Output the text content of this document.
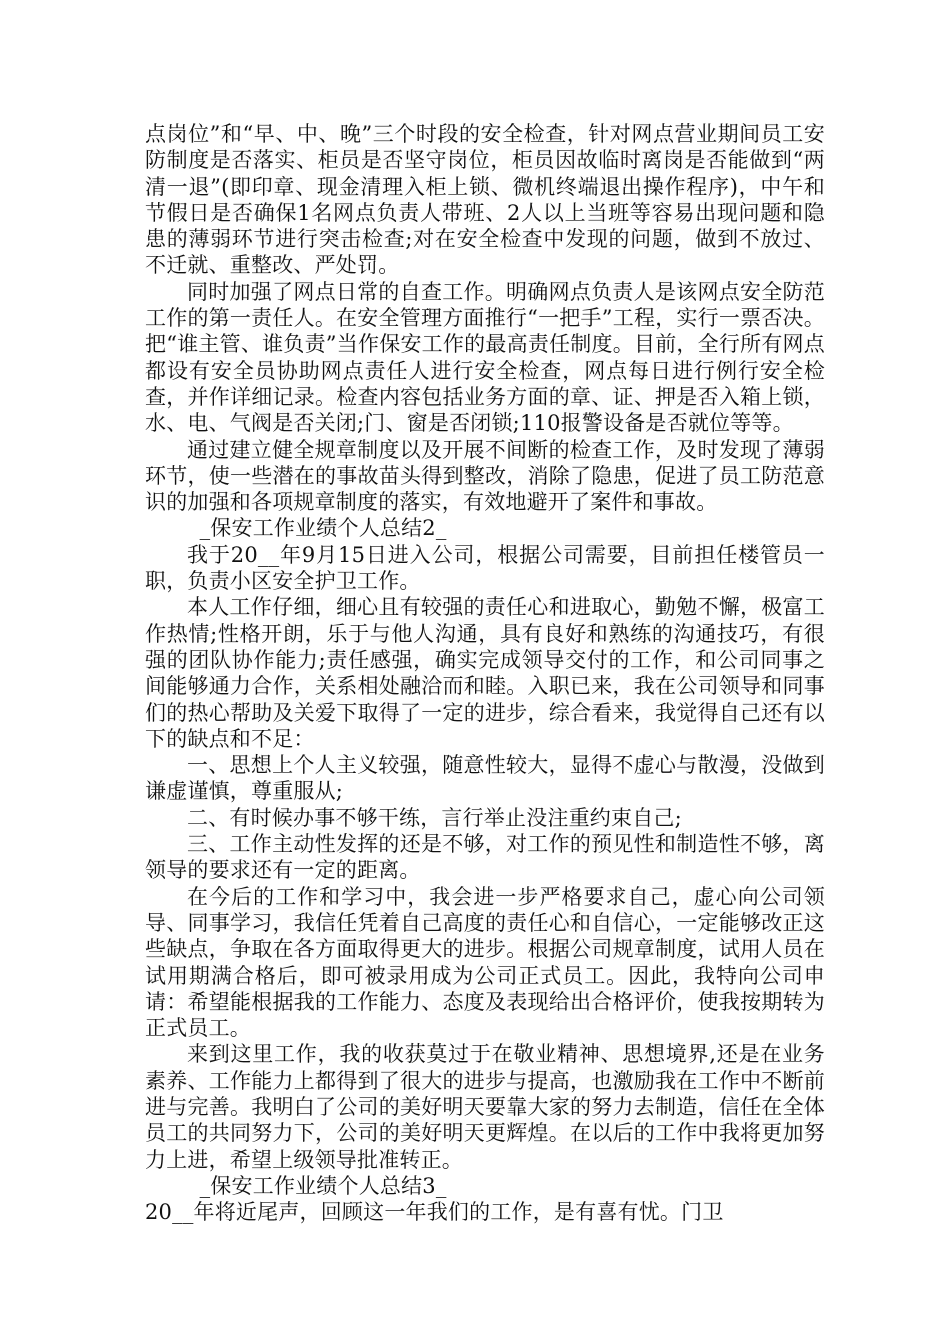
点岗位”和“早、中、晚”三个时段的安全检查，针对网点营业期间员工安防制度是否落实、柜员是否坚守岗位，柜员因故临时离岗是否能做到“两清一退”(即印章、现金清理入柜上锁、微机终端退出操作程序)，中午和节假日是否确保1名网点负责人带班、2人以上当班等容易出现问题和隐患的薄弱环节进行突击检查;对在安全检查中发现的问题，做到不放过、不迁就、重整改、严处罚。

同时加强了网点日常的自查工作。明确网点负责人是该网点安全防范工作的第一责任人。在安全管理方面推行“一把手”工程，实行一票否决。把“谁主管、谁负责”当作保安工作的最高责任制度。目前，全行所有网点都设有安全员协助网点责任人进行安全检查，网点每日进行例行安全检查，并作详细记录。检查内容包括业务方面的章、证、押是否入箱上锁，水、电、气阀是否关闭;门、窗是否闭锁;110报警设备是否就位等等。

通过建立健全规章制度以及开展不间断的检查工作，及时发现了薄弱环节，使一些潜在的事故苗头得到整改，消除了隐患，促进了员工防范意识的加强和各项规章制度的落实，有效地避开了案件和事故。

_保安工作业绩个人总结2_

我于20__年9月15日进入公司，根据公司需要，目前担任楼管员一职，负责小区安全护卫工作。

本人工作仔细，细心且有较强的责任心和进取心，勤勉不懈，极富工作热情;性格开朗，乐于与他人沟通，具有良好和熟练的沟通技巧，有很强的团队协作能力;责任感强，确实完成领导交付的工作，和公司同事之间能够通力合作，关系相处融洽而和睦。入职已来，我在公司领导和同事们的热心帮助及关爱下取得了一定的进步，综合看来，我觉得自己还有以下的缺点和不足：

一、思想上个人主义较强，随意性较大，显得不虚心与散漫，没做到谦虚谨慎，尊重服从;

二、有时候办事不够干练，言行举止没注重约束自己;

三、工作主动性发挥的还是不够，对工作的预见性和制造性不够，离领导的要求还有一定的距离。

在今后的工作和学习中，我会进一步严格要求自己，虚心向公司领导、同事学习，我信任凭着自己高度的责任心和自信心，一定能够改正这些缺点，争取在各方面取得更大的进步。根据公司规章制度，试用人员在试用期满合格后，即可被录用成为公司正式员工。因此，我特向公司申请：希望能根据我的工作能力、态度及表现给出合格评价，使我按期转为正式员工。

来到这里工作，我的收获莫过于在敬业精神、思想境界,还是在业务素养、工作能力上都得到了很大的进步与提高，也激励我在工作中不断前进与完善。我明白了公司的美好明天要靠大家的努力去制造，信任在全体员工的共同努力下，公司的美好明天更辉煌。在以后的工作中我将更加努力上进，希望上级领导批准转正。

_保安工作业绩个人总结3_

20__年将近尾声，回顾这一年我们的工作，是有喜有忧。门卫
